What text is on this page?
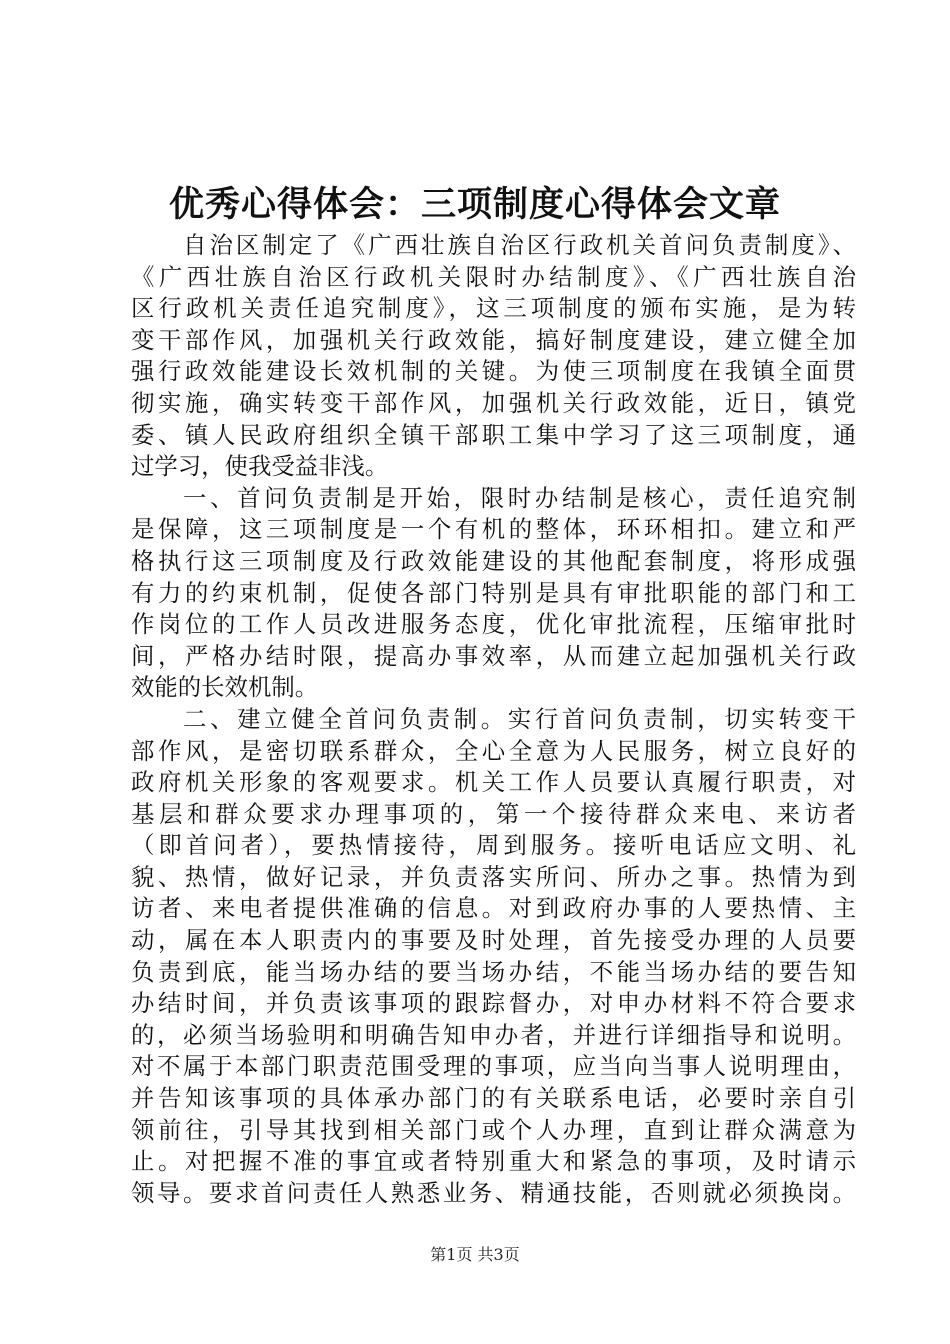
优秀心得体会：三项制度心得体会文章
自治区制定了《广西壮族自治区行政机关首问负责制度》、
《广西壮族自治区行政机关限时办结制度》、《广西壮族自治
区行政机关责任追究制度》，这三项制度的颁布实施，是为转
变干部作风，加强机关行政效能，搞好制度建设，建立健全加
强行政效能建设长效机制的关键。为使三项制度在我镇全面贯
彻实施，确实转变干部作风，加强机关行政效能，近日，镇党
委、镇人民政府组织全镇干部职工集中学习了这三项制度，通
过学习，使我受益非浅。
一、首问负责制是开始，限时办结制是核心，责任追究制
是保障，这三项制度是一个有机的整体，环环相扣。建立和严
格执行这三项制度及行政效能建设的其他配套制度，将形成强
有力的约束机制，促使各部门特别是具有审批职能的部门和工
作岗位的工作人员改进服务态度，优化审批流程，压缩审批时
间，严格办结时限，提高办事效率，从而建立起加强机关行政
效能的长效机制。
二、建立健全首问负责制。实行首问负责制，切实转变干
部作风，是密切联系群众，全心全意为人民服务，树立良好的
政府机关形象的客观要求。机关工作人员要认真履行职责，对
基层和群众要求办理事项的，第一个接待群众来电、来访者
（即首问者），要热情接待，周到服务。接听电话应文明、礼
貌、热情，做好记录，并负责落实所问、所办之事。热情为到
访者、来电者提供准确的信息。对到政府办事的人要热情、主
动，属在本人职责内的事要及时处理，首先接受办理的人员要
负责到底，能当场办结的要当场办结，不能当场办结的要告知
办结时间，并负责该事项的跟踪督办，对申办材料不符合要求
的，必须当场验明和明确告知申办者，并进行详细指导和说明。
对不属于本部门职责范围受理的事项，应当向当事人说明理由，
并告知该事项的具体承办部门的有关联系电话，必要时亲自引
领前往，引导其找到相关部门或个人办理，直到让群众满意为
止。对把握不准的事宜或者特别重大和紧急的事项，及时请示
领导。要求首问责任人熟悉业务、精通技能，否则就必须换岗。
第1页 共3页
